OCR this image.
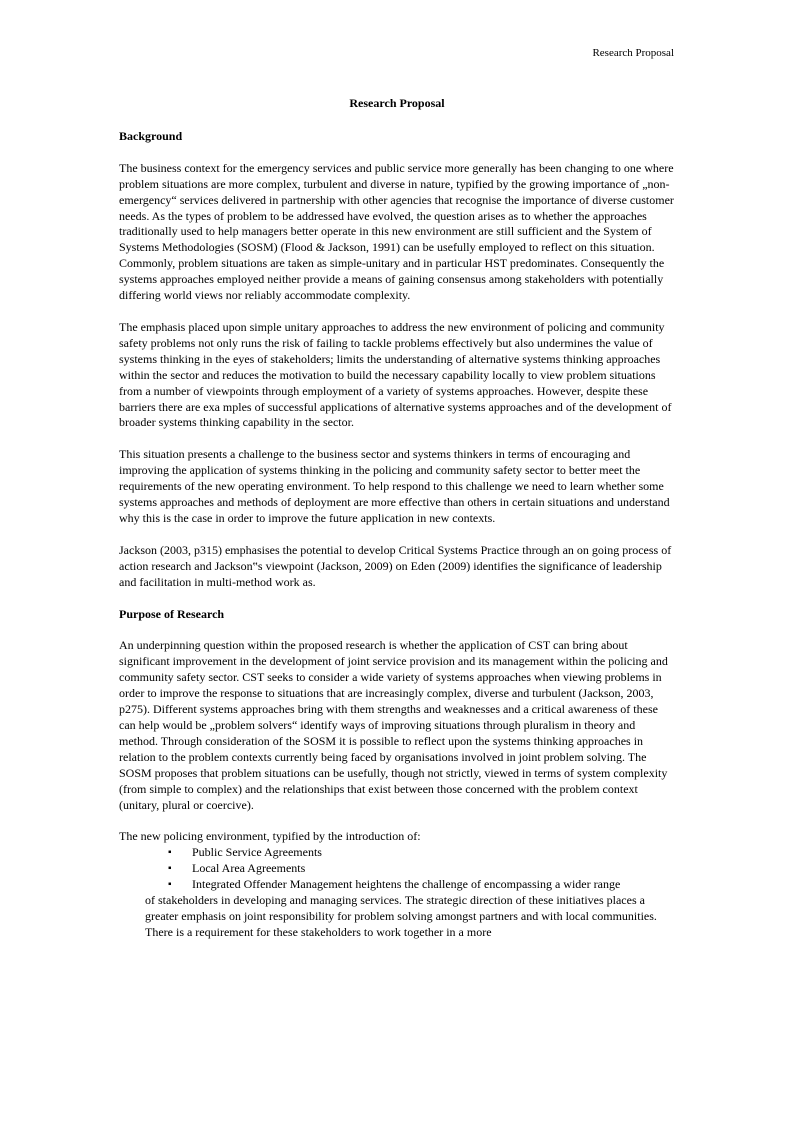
Research Proposal
Research Proposal
Background

The business context for the emergency services and public service more generally has been changing to one where problem situations are more complex, turbulent and diverse in nature, typified by the growing importance of „non-emergency“ services delivered in partnership with other agencies that recognise the importance of diverse customer needs. As the types of problem to be addressed have evolved, the question arises as to whether the approaches traditionally used to help managers better operate in this new environment are still sufficient and the System of Systems Methodologies (SOSM) (Flood & Jackson, 1991) can be usefully employed to reflect on this situation. Commonly, problem situations are taken as simple-unitary and in particular HST predominates. Consequently the systems approaches employed neither provide a means of gaining consensus among stakeholders with potentially differing world views nor reliably accommodate complexity.

The emphasis placed upon simple unitary approaches to address the new environment of policing and community safety problems not only runs the risk of failing to tackle problems effectively but also undermines the value of systems thinking in the eyes of stakeholders; limits the understanding of alternative systems thinking approaches within the sector and reduces the motivation to build the necessary capability locally to view problem situations from a number of viewpoints through employment of a variety of systems approaches. However, despite these barriers there are exa mples of successful applications of alternative systems approaches and of the development of broader systems thinking capability in the sector.

This situation presents a challenge to the business sector and systems thinkers in terms of encouraging and improving the application of systems thinking in the policing and community safety sector to better meet the requirements of the new operating environment. To help respond to this challenge we need to learn whether some systems approaches and methods of deployment are more effective than others in certain situations and understand why this is the case in order to improve the future application in new contexts.

Jackson (2003, p315) emphasises the potential to develop Critical Systems Practice through an on going process of action research and Jackson‟s viewpoint (Jackson, 2009) on Eden (2009) identifies the significance of leadership and facilitation in multi-method work as.

Purpose of Research

An underpinning question within the proposed research is whether the application of CST can bring about significant improvement in the development of joint service provision and its management within the policing and community safety sector. CST seeks to consider a wide variety of systems approaches when viewing problems in order to improve the response to situations that are increasingly complex, diverse and turbulent (Jackson, 2003, p275). Different systems approaches bring with them strengths and weaknesses and a critical awareness of these can help would be „problem solvers“ identify ways of improving situations through pluralism in theory and method. Through consideration of the SOSM it is possible to reflect upon the systems thinking approaches in relation to the problem contexts currently being faced by organisations involved in joint problem solving. The SOSM proposes that problem situations can be usefully, though not strictly, viewed in terms of system complexity (from simple to complex) and the relationships that exist between those concerned with the problem context (unitary, plural or coercive).

The new policing environment, typified by the introduction of:

▪ Public Service Agreements
▪ Local Area Agreements
▪ Integrated Offender Management heightens the challenge of encompassing a wider range

of stakeholders in developing and managing services. The strategic direction of these initiatives places a greater emphasis on joint responsibility for problem solving amongst partners and with local communities. There is a requirement for these stakeholders to work together in a more
